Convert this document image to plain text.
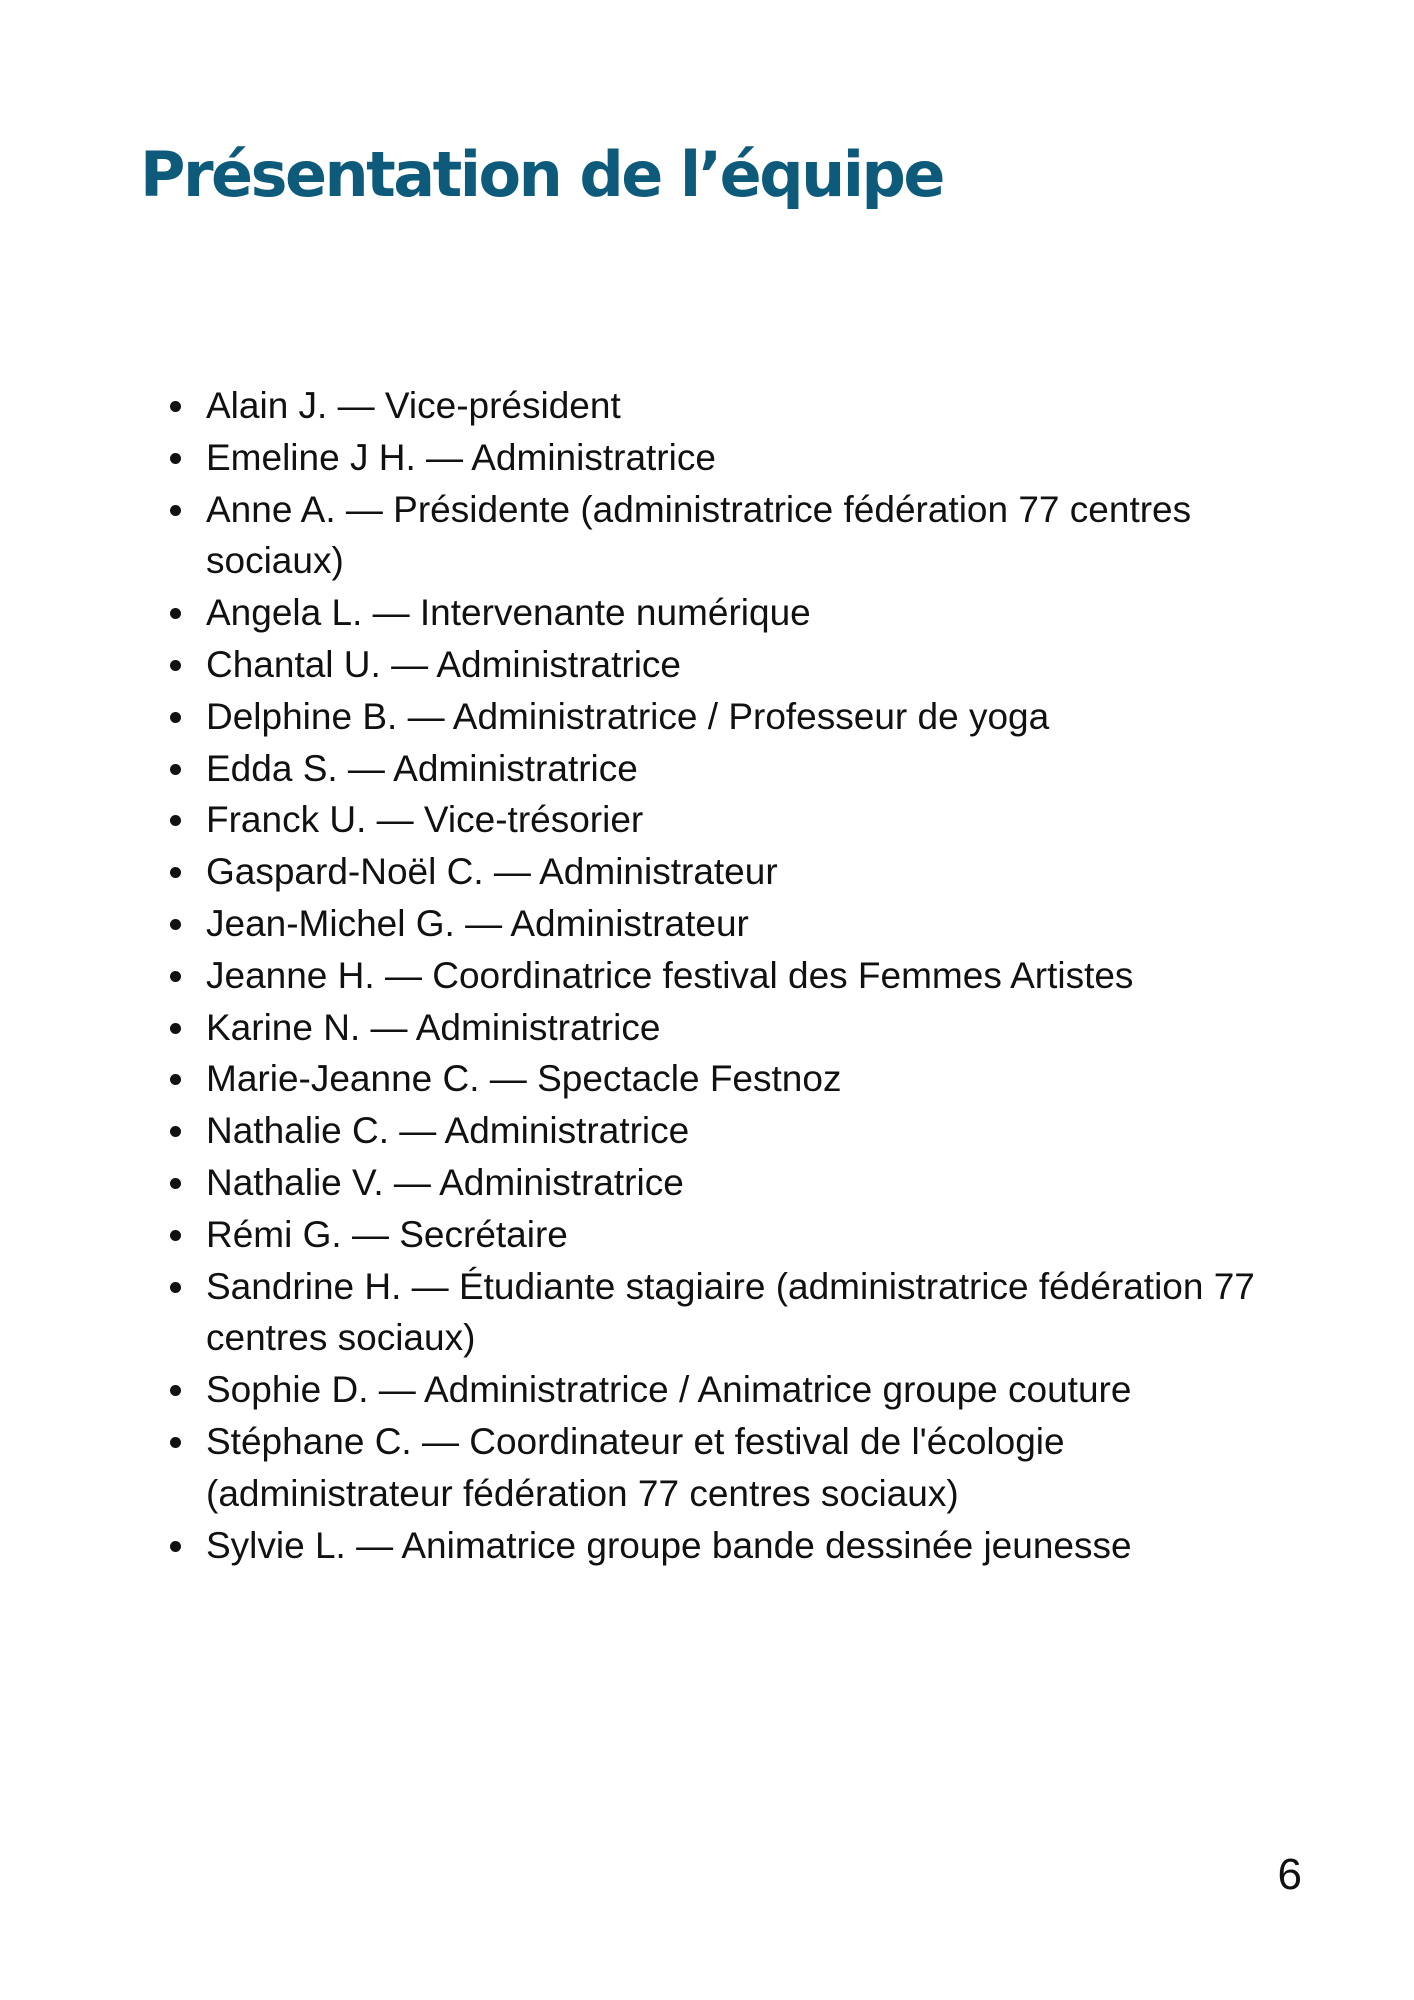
Présentation de l’équipe
Alain J. — Vice-président
Emeline J H. — Administratrice
Anne A. — Présidente (administratrice fédération 77 centres sociaux)
Angela L. — Intervenante numérique
Chantal U. — Administratrice
Delphine B. — Administratrice / Professeur de yoga
Edda S. — Administratrice
Franck U. — Vice-trésorier
Gaspard-Noël C. — Administrateur
Jean-Michel G. — Administrateur
Jeanne H. — Coordinatrice festival des Femmes Artistes
Karine N. — Administratrice
Marie-Jeanne C. — Spectacle Festnoz
Nathalie C. — Administratrice
Nathalie V. — Administratrice
Rémi G. — Secrétaire
Sandrine H. — Étudiante stagiaire (administratrice fédération 77 centres sociaux)
Sophie D. — Administratrice / Animatrice groupe couture
Stéphane C. — Coordinateur et festival de l'écologie (administrateur fédération 77 centres sociaux)
Sylvie L. — Animatrice groupe bande dessinée jeunesse
6
